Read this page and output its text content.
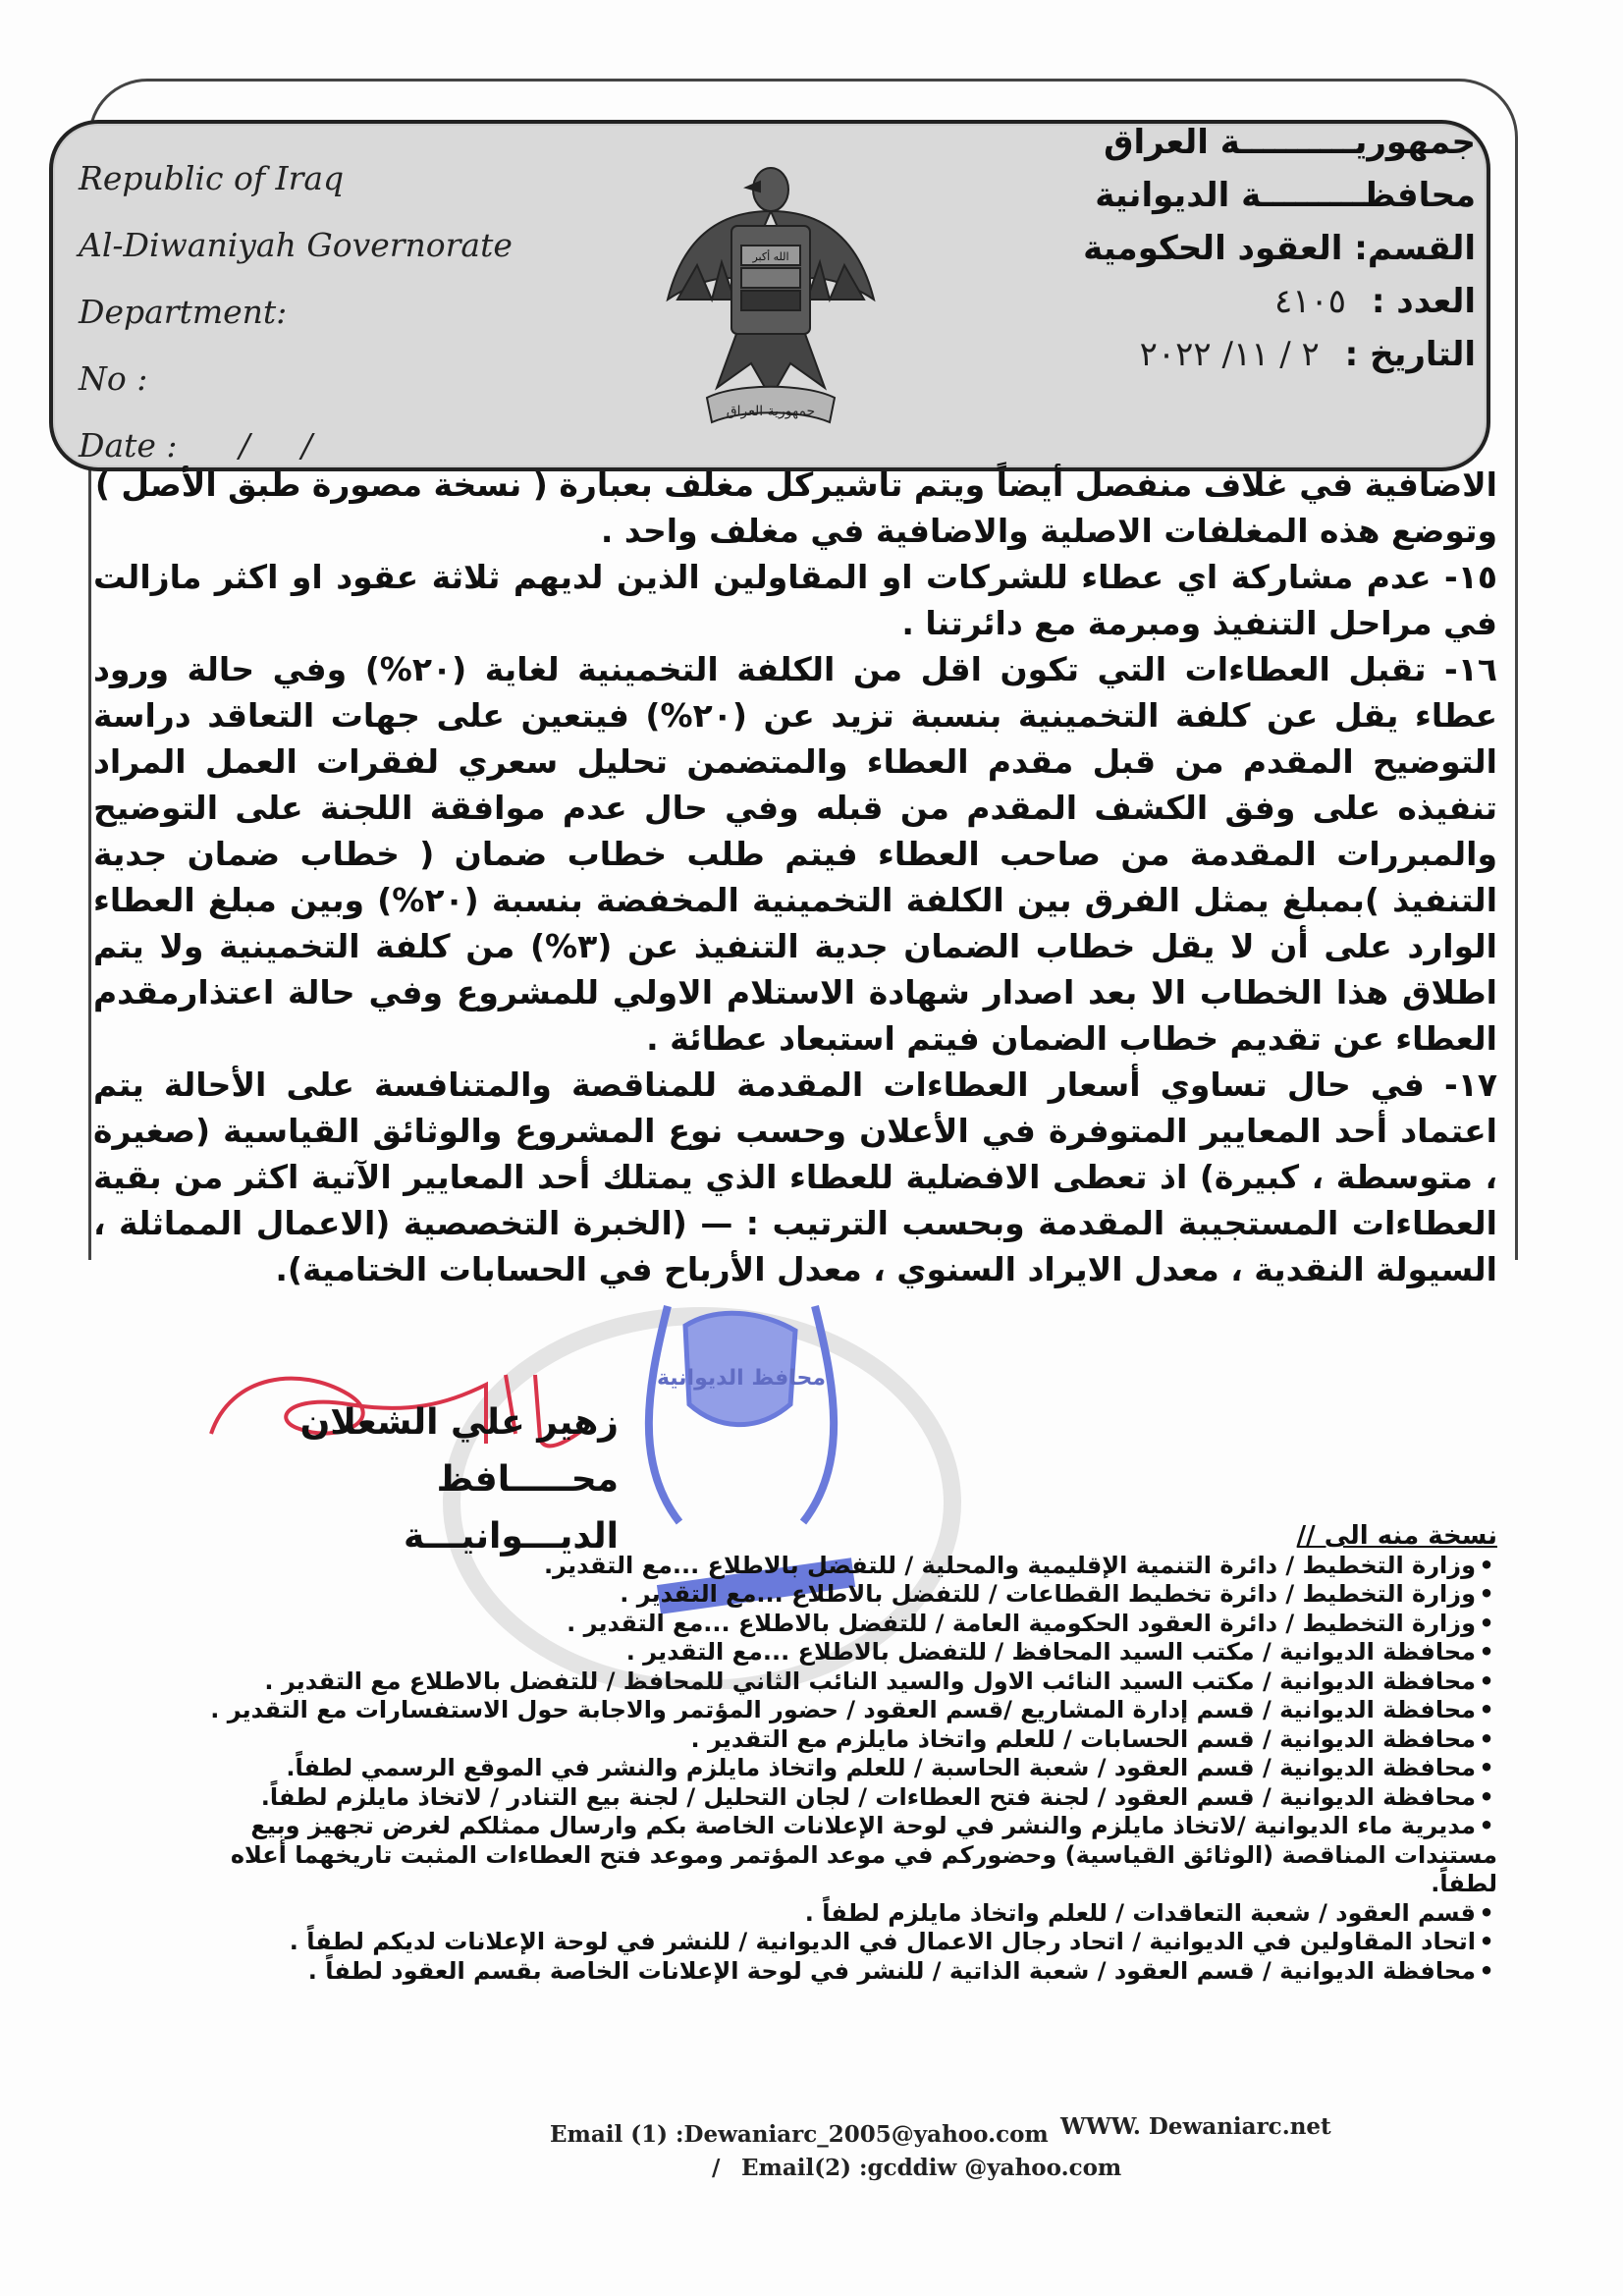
Republic of Iraq
Al-Diwaniyah Governorate
Department:
No :
Date :      /     /
الله أكبر
جمهورية العراق
جمهوريــــــــــة العراق
محافظـــــــــة الديوانية
القسم: العقود الحكومية
العدد : ٤١٠٥
التاريخ : ٢ / ١١/ ٢٠٢٢

الاضافية في غلاف منفصل أيضاً ويتم تاشيركل مغلف بعبارة ( نسخة مصورة طبق الأصل )

وتوضع هذه المغلفات الاصلية والاضافية في مغلف واحد .

١٥- عدم مشاركة اي عطاء للشركات او المقاولين الذين لديهم ثلاثة عقود او اكثر مازالت في مراحل التنفيذ ومبرمة مع دائرتنا .

١٦- تقبل العطاءات التي تكون اقل من الكلفة التخمينية لغاية (٢٠%) وفي حالة ورود عطاء يقل عن كلفة التخمينية بنسبة تزيد عن (٢٠%) فيتعين على جهات التعاقد دراسة التوضيح المقدم من قبل مقدم العطاء والمتضمن تحليل سعري لفقرات العمل المراد تنفيذه على وفق الكشف المقدم من قبله وفي حال عدم موافقة اللجنة على التوضيح والمبررات المقدمة من صاحب العطاء فيتم طلب خطاب ضمان ( خطاب ضمان جدية التنفيذ )بمبلغ يمثل الفرق بين الكلفة التخمينية المخفضة بنسبة (٢٠%) وبين مبلغ العطاء الوارد على أن لا يقل خطاب الضمان جدية التنفيذ عن (٣%) من كلفة التخمينية ولا يتم اطلاق هذا الخطاب الا بعد اصدار شهادة الاستلام الاولي للمشروع وفي حالة اعتذارمقدم العطاء عن تقديم خطاب الضمان فيتم استبعاد عطائة .

١٧- في حال تساوي أسعار العطاءات المقدمة للمناقصة والمتنافسة على الأحالة يتم اعتماد أحد المعايير المتوفرة في الأعلان وحسب نوع المشروع والوثائق القياسية (صغيرة ، متوسطة ، كبيرة) اذ تعطى الافضلية للعطاء الذي يمتلك أحد المعايير الآتية اكثر من بقية العطاءات المستجيبة المقدمة وبحسب الترتيب : — (الخبرة التخصصية (الاعمال المماثلة ، السيولة النقدية ، معدل الايراد السنوي ، معدل الأرباح في الحسابات الختامية).

محافظ الديوانية
زهير علي الشعلان
محـــــافظ الديـــوانيـــة	نسخة منه الى //
•وزارة التخطيط / دائرة التنمية الإقليمية والمحلية / للتفضل بالاطلاع ...مع التقدير.
•وزارة التخطيط / دائرة تخطيط القطاعات / للتفضل بالاطلاع ...مع التقدير .
•وزارة التخطيط / دائرة العقود الحكومية العامة / للتفضل بالاطلاع ...مع التقدير .
•محافظة الديوانية / مكتب السيد المحافظ / للتفضل بالاطلاع ...مع التقدير .
•محافظة الديوانية / مكتب السيد النائب الاول والسيد النائب الثاني للمحافظ / للتفضل بالاطلاع مع التقدير .
•محافظة الديوانية / قسم إدارة المشاريع /قسم العقود / حضور المؤتمر والاجابة حول الاستفسارات مع التقدير .
•محافظة الديوانية / قسم الحسابات / للعلم واتخاذ مايلزم مع التقدير .
•محافظة الديوانية / قسم العقود / شعبة الحاسبة / للعلم واتخاذ مايلزم والنشر في الموقع الرسمي لطفاً.
•محافظة الديوانية / قسم العقود / لجنة فتح العطاءات / لجان التحليل / لجنة بيع التنادر / لاتخاذ مايلزم لطفاً.
•مديرية ماء الديوانية /لاتخاذ مايلزم والنشر في لوحة الإعلانات الخاصة بكم وارسال ممثلكم لغرض تجهيز وبيع مستندات المناقصة (الوثائق القياسية) وحضوركم في موعد المؤتمر وموعد فتح العطاءات المثبت تاريخهما أعلاه لطفاً.
•قسم العقود / شعبة التعاقدات / للعلم واتخاذ مايلزم لطفاً .
•اتحاد المقاولين في الديوانية / اتحاد رجال الاعمال في الديوانية / للنشر في لوحة الإعلانات لديكم لطفاً .
•محافظة الديوانية / قسم العقود / شعبة الذاتية / للنشر في لوحة الإعلانات الخاصة بقسم العقود لطفاً .
Email (1) :Dewaniarc_2005@yahoo.com WWW. Dewaniarc.net
/ Email(2) :gcddiw @yahoo.com
